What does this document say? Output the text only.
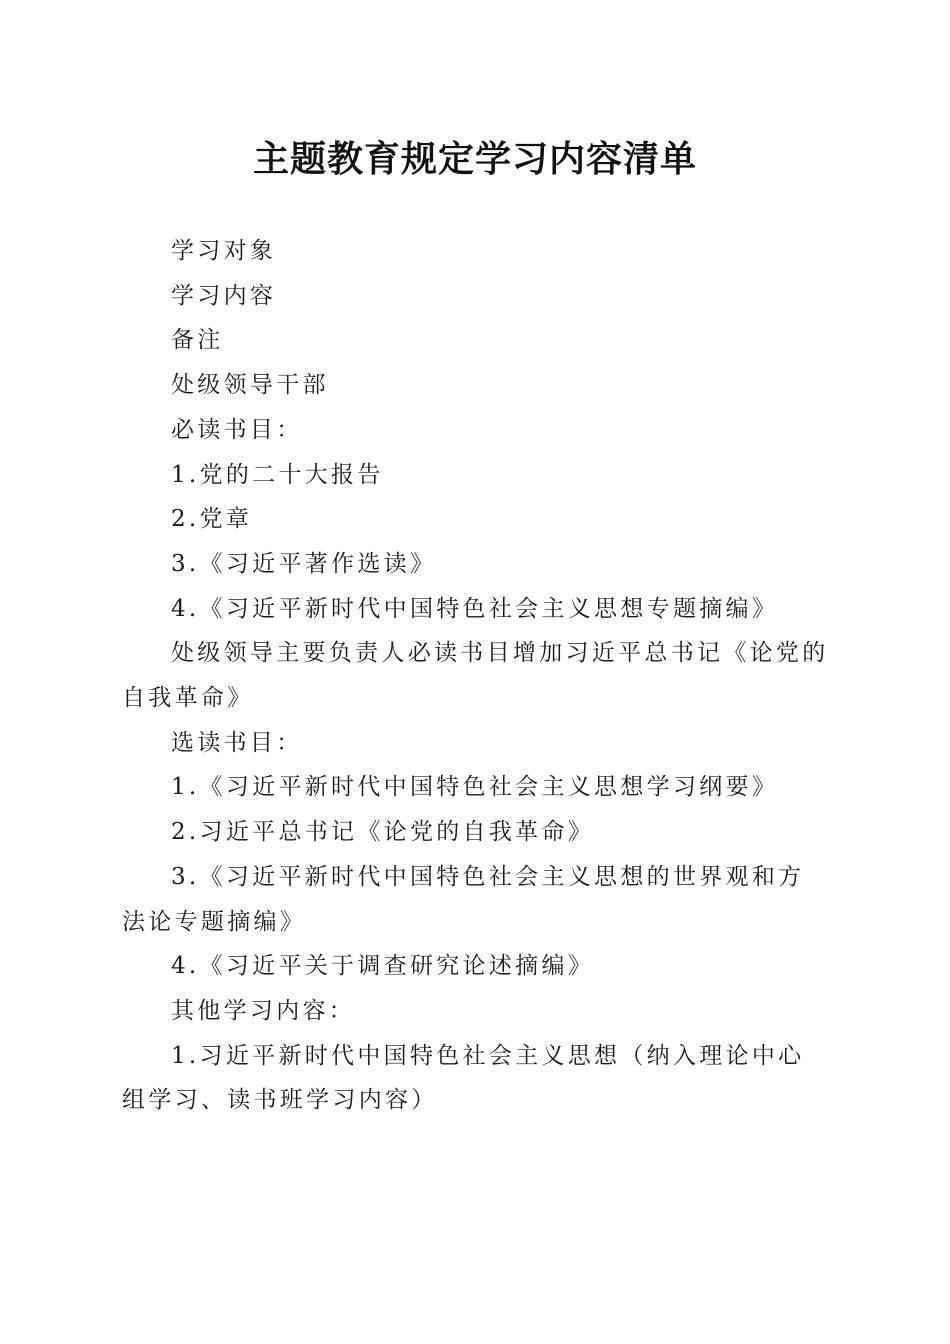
主题教育规定学习内容清单

学习对象

学习内容

备注

处级领导干部

必读书目：

1.党的二十大报告

2.党章

3.《习近平著作选读》

4.《习近平新时代中国特色社会主义思想专题摘编》

处级领导主要负责人必读书目增加习近平总书记《论党的自我革命》

选读书目：

1.《习近平新时代中国特色社会主义思想学习纲要》

2.习近平总书记《论党的自我革命》

3.《习近平新时代中国特色社会主义思想的世界观和方法论专题摘编》

4.《习近平关于调查研究论述摘编》

其他学习内容：

1.习近平新时代中国特色社会主义思想（纳入理论中心组学习、读书班学习内容）
